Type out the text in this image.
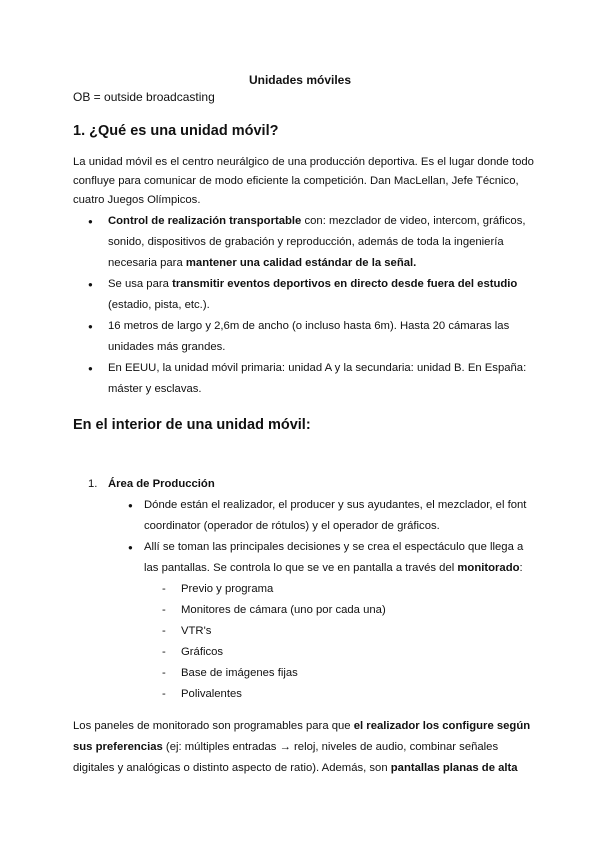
Unidades móviles

OB = outside broadcasting

1. ¿Qué es una unidad móvil?

La unidad móvil es el centro neurálgico de una producción deportiva. Es el lugar donde todo confluye para comunicar de modo eficiente la competición. Dan MacLellan, Jefe Técnico, cuatro Juegos Olímpicos.

● Control de realización transportable con: mezclador de video, intercom, gráficos, sonido, dispositivos de grabación y reproducción, además de toda la ingeniería necesaria para mantener una calidad estándar de la señal.
● Se usa para transmitir eventos deportivos en directo desde fuera del estudio (estadio, pista, etc.).
● 16 metros de largo y 2,6m de ancho (o incluso hasta 6m). Hasta 20 cámaras las unidades más grandes.
● En EEUU, la unidad móvil primaria: unidad A y la secundaria: unidad B. En España: máster y esclavas.
En el interior de una unidad móvil:
1. Área de Producción

● Dónde están el realizador, el producer y sus ayudantes, el mezclador, el font coordinator (operador de rótulos) y el operador de gráficos.
● Allí se toman las principales decisiones y se crea el espectáculo que llega a las pantallas. Se controla lo que se ve en pantalla a través del monitorado:
- Previo y programa
- Monitores de cámara (uno por cada una)
- VTR's
- Gráficos
- Base de imágenes fijas
- Polivalentes

Los paneles de monitorado son programables para que el realizador los configure según sus preferencias (ej: múltiples entradas → reloj, niveles de audio, combinar señales digitales y analógicas o distinto aspecto de ratio). Además, son pantallas planas de alta
